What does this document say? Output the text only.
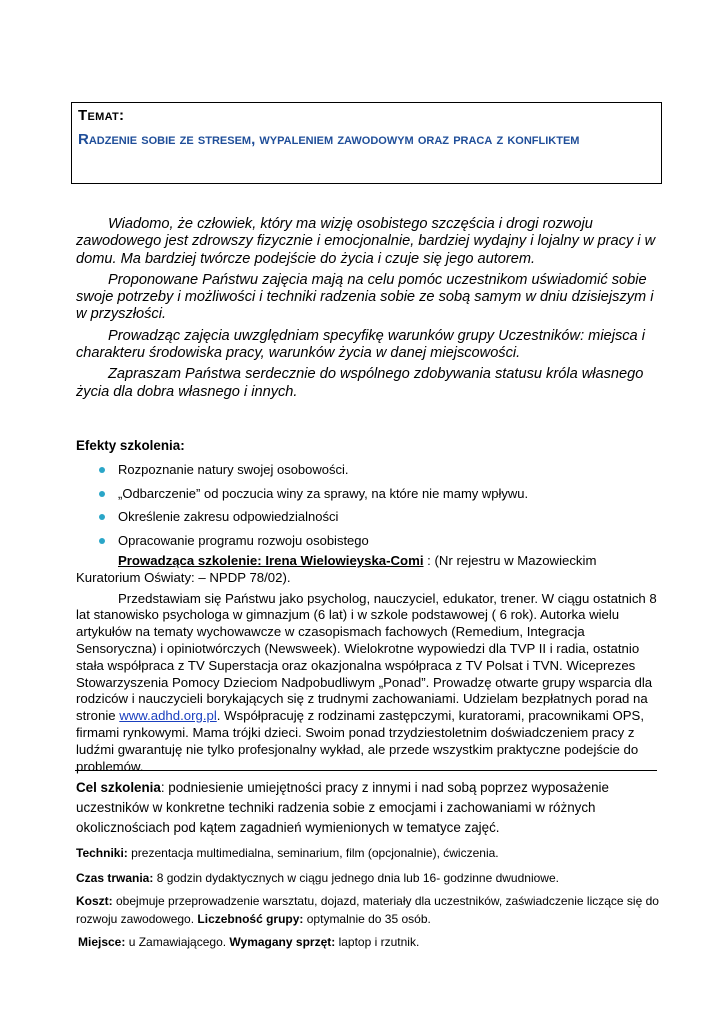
Temat:
Radzenie sobie ze stresem, wypaleniem zawodowym oraz praca z konfliktem

Wiadomo, że człowiek, który ma wizję osobistego szczęścia i drogi rozwoju zawodowego jest zdrowszy fizycznie i emocjonalnie, bardziej wydajny i lojalny w pracy i w domu. Ma bardziej twórcze podejście do życia i czuje się jego autorem.

Proponowane Państwu zajęcia mają na celu pomóc uczestnikom uświadomić sobie swoje potrzeby i możliwości i techniki radzenia sobie ze sobą samym w dniu dzisiejszym i w przyszłości.

Prowadząc zajęcia uwzględniam specyfikę warunków grupy Uczestników: miejsca i charakteru środowiska pracy, warunków życia w danej miejscowości.

Zapraszam Państwa serdecznie do wspólnego zdobywania statusu króla własnego życia dla dobra własnego i innych.

Efekty szkolenia:
Rozpoznanie natury swojej osobowości.
„Odbarczenie” od poczucia winy za sprawy, na które nie mamy wpływu.
Określenie zakresu odpowiedzialności
Opracowanie programu rozwoju osobistego

Prowadząca szkolenie: Irena Wielowieyska-Comi : (Nr rejestru w Mazowieckim Kuratorium Oświaty: – NPDP 78/02).

Przedstawiam się Państwu jako psycholog, nauczyciel, edukator, trener. W ciągu ostatnich 8 lat stanowisko psychologa w gimnazjum (6 lat) i w szkole podstawowej ( 6 rok). Autorka wielu artykułów na tematy wychowawcze w czasopismach fachowych (Remedium, Integracja Sensoryczna) i opiniotwórczych (Newsweek). Wielokrotne wypowiedzi dla TVP II i radia, ostatnio stała współpraca z TV Superstacja oraz okazjonalna współpraca z TV Polsat i TVN. Wiceprezes Stowarzyszenia Pomocy Dzieciom Nadpobudliwym „Ponad”. Prowadzę otwarte grupy wsparcia dla rodziców i nauczycieli borykających się z trudnymi zachowaniami. Udzielam bezpłatnych porad na stronie www.adhd.org.pl. Współpracuję z rodzinami zastępczymi, kuratorami, pracownikami OPS, firmami rynkowymi. Mama trójki dzieci. Swoim ponad trzydziestoletnim doświadczeniem pracy z ludźmi gwarantuję nie tylko profesjonalny wykład, ale przede wszystkim praktyczne podejście do problemów.

Cel szkolenia: podniesienie umiejętności pracy z innymi i nad sobą poprzez wyposażenie uczestników w konkretne techniki radzenia sobie z emocjami i zachowaniami w różnych okolicznościach pod kątem zagadnień wymienionych w tematyce zajęć.
Techniki: prezentacja multimedialna, seminarium, film (opcjonalnie), ćwiczenia.
Czas trwania: 8 godzin dydaktycznych w ciągu jednego dnia lub 16- godzinne dwudniowe.
Koszt: obejmuje przeprowadzenie warsztatu, dojazd, materiały dla uczestników, zaświadczenie liczące się do rozwoju zawodowego. Liczebność grupy: optymalnie do 35 osób.
Miejsce: u Zamawiającego. Wymagany sprzęt: laptop i rzutnik.
